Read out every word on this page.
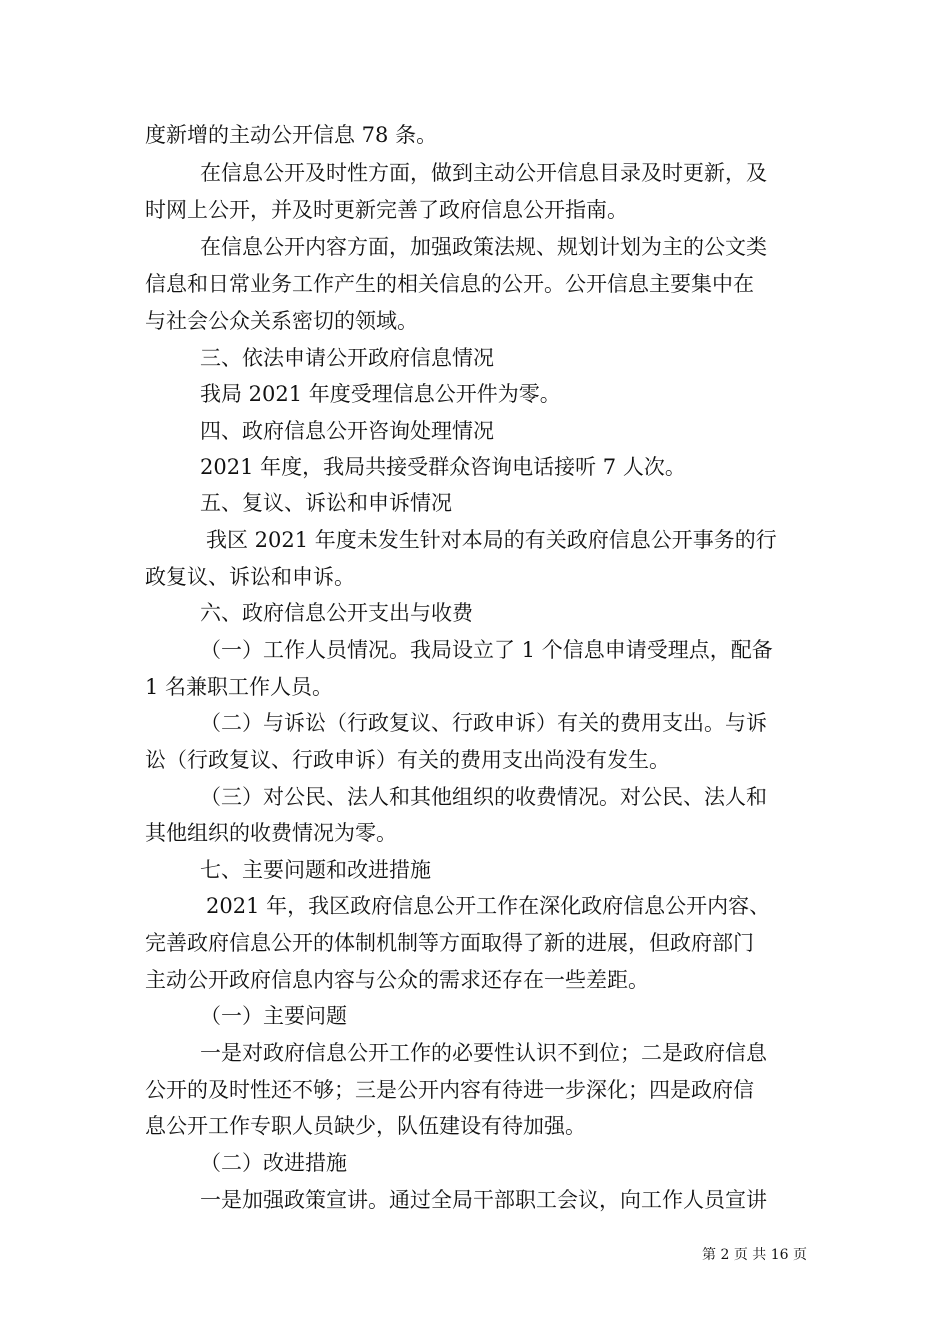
度新增的主动公开信息 78 条。

在信息公开及时性方面，做到主动公开信息目录及时更新，及

时网上公开，并及时更新完善了政府信息公开指南。

在信息公开内容方面，加强政策法规、规划计划为主的公文类

信息和日常业务工作产生的相关信息的公开。公开信息主要集中在

与社会公众关系密切的领域。

三、依法申请公开政府信息情况

我局 2021 年度受理信息公开件为零。

四、政府信息公开咨询处理情况

2021 年度，我局共接受群众咨询电话接听 7 人次。

五、复议、诉讼和申诉情况

我区 2021 年度未发生针对本局的有关政府信息公开事务的行

政复议、诉讼和申诉。

六、政府信息公开支出与收费

（一）工作人员情况。我局设立了 1 个信息申请受理点，配备

1 名兼职工作人员。

（二）与诉讼（行政复议、行政申诉）有关的费用支出。与诉

讼（行政复议、行政申诉）有关的费用支出尚没有发生。

（三）对公民、法人和其他组织的收费情况。对公民、法人和

其他组织的收费情况为零。

七、主要问题和改进措施

2021 年，我区政府信息公开工作在深化政府信息公开内容、

完善政府信息公开的体制机制等方面取得了新的进展，但政府部门

主动公开政府信息内容与公众的需求还存在一些差距。

（一）主要问题

一是对政府信息公开工作的必要性认识不到位；二是政府信息

公开的及时性还不够；三是公开内容有待进一步深化；四是政府信

息公开工作专职人员缺少，队伍建设有待加强。

（二）改进措施

一是加强政策宣讲。通过全局干部职工会议，向工作人员宣讲

第 2 页 共 16 页
